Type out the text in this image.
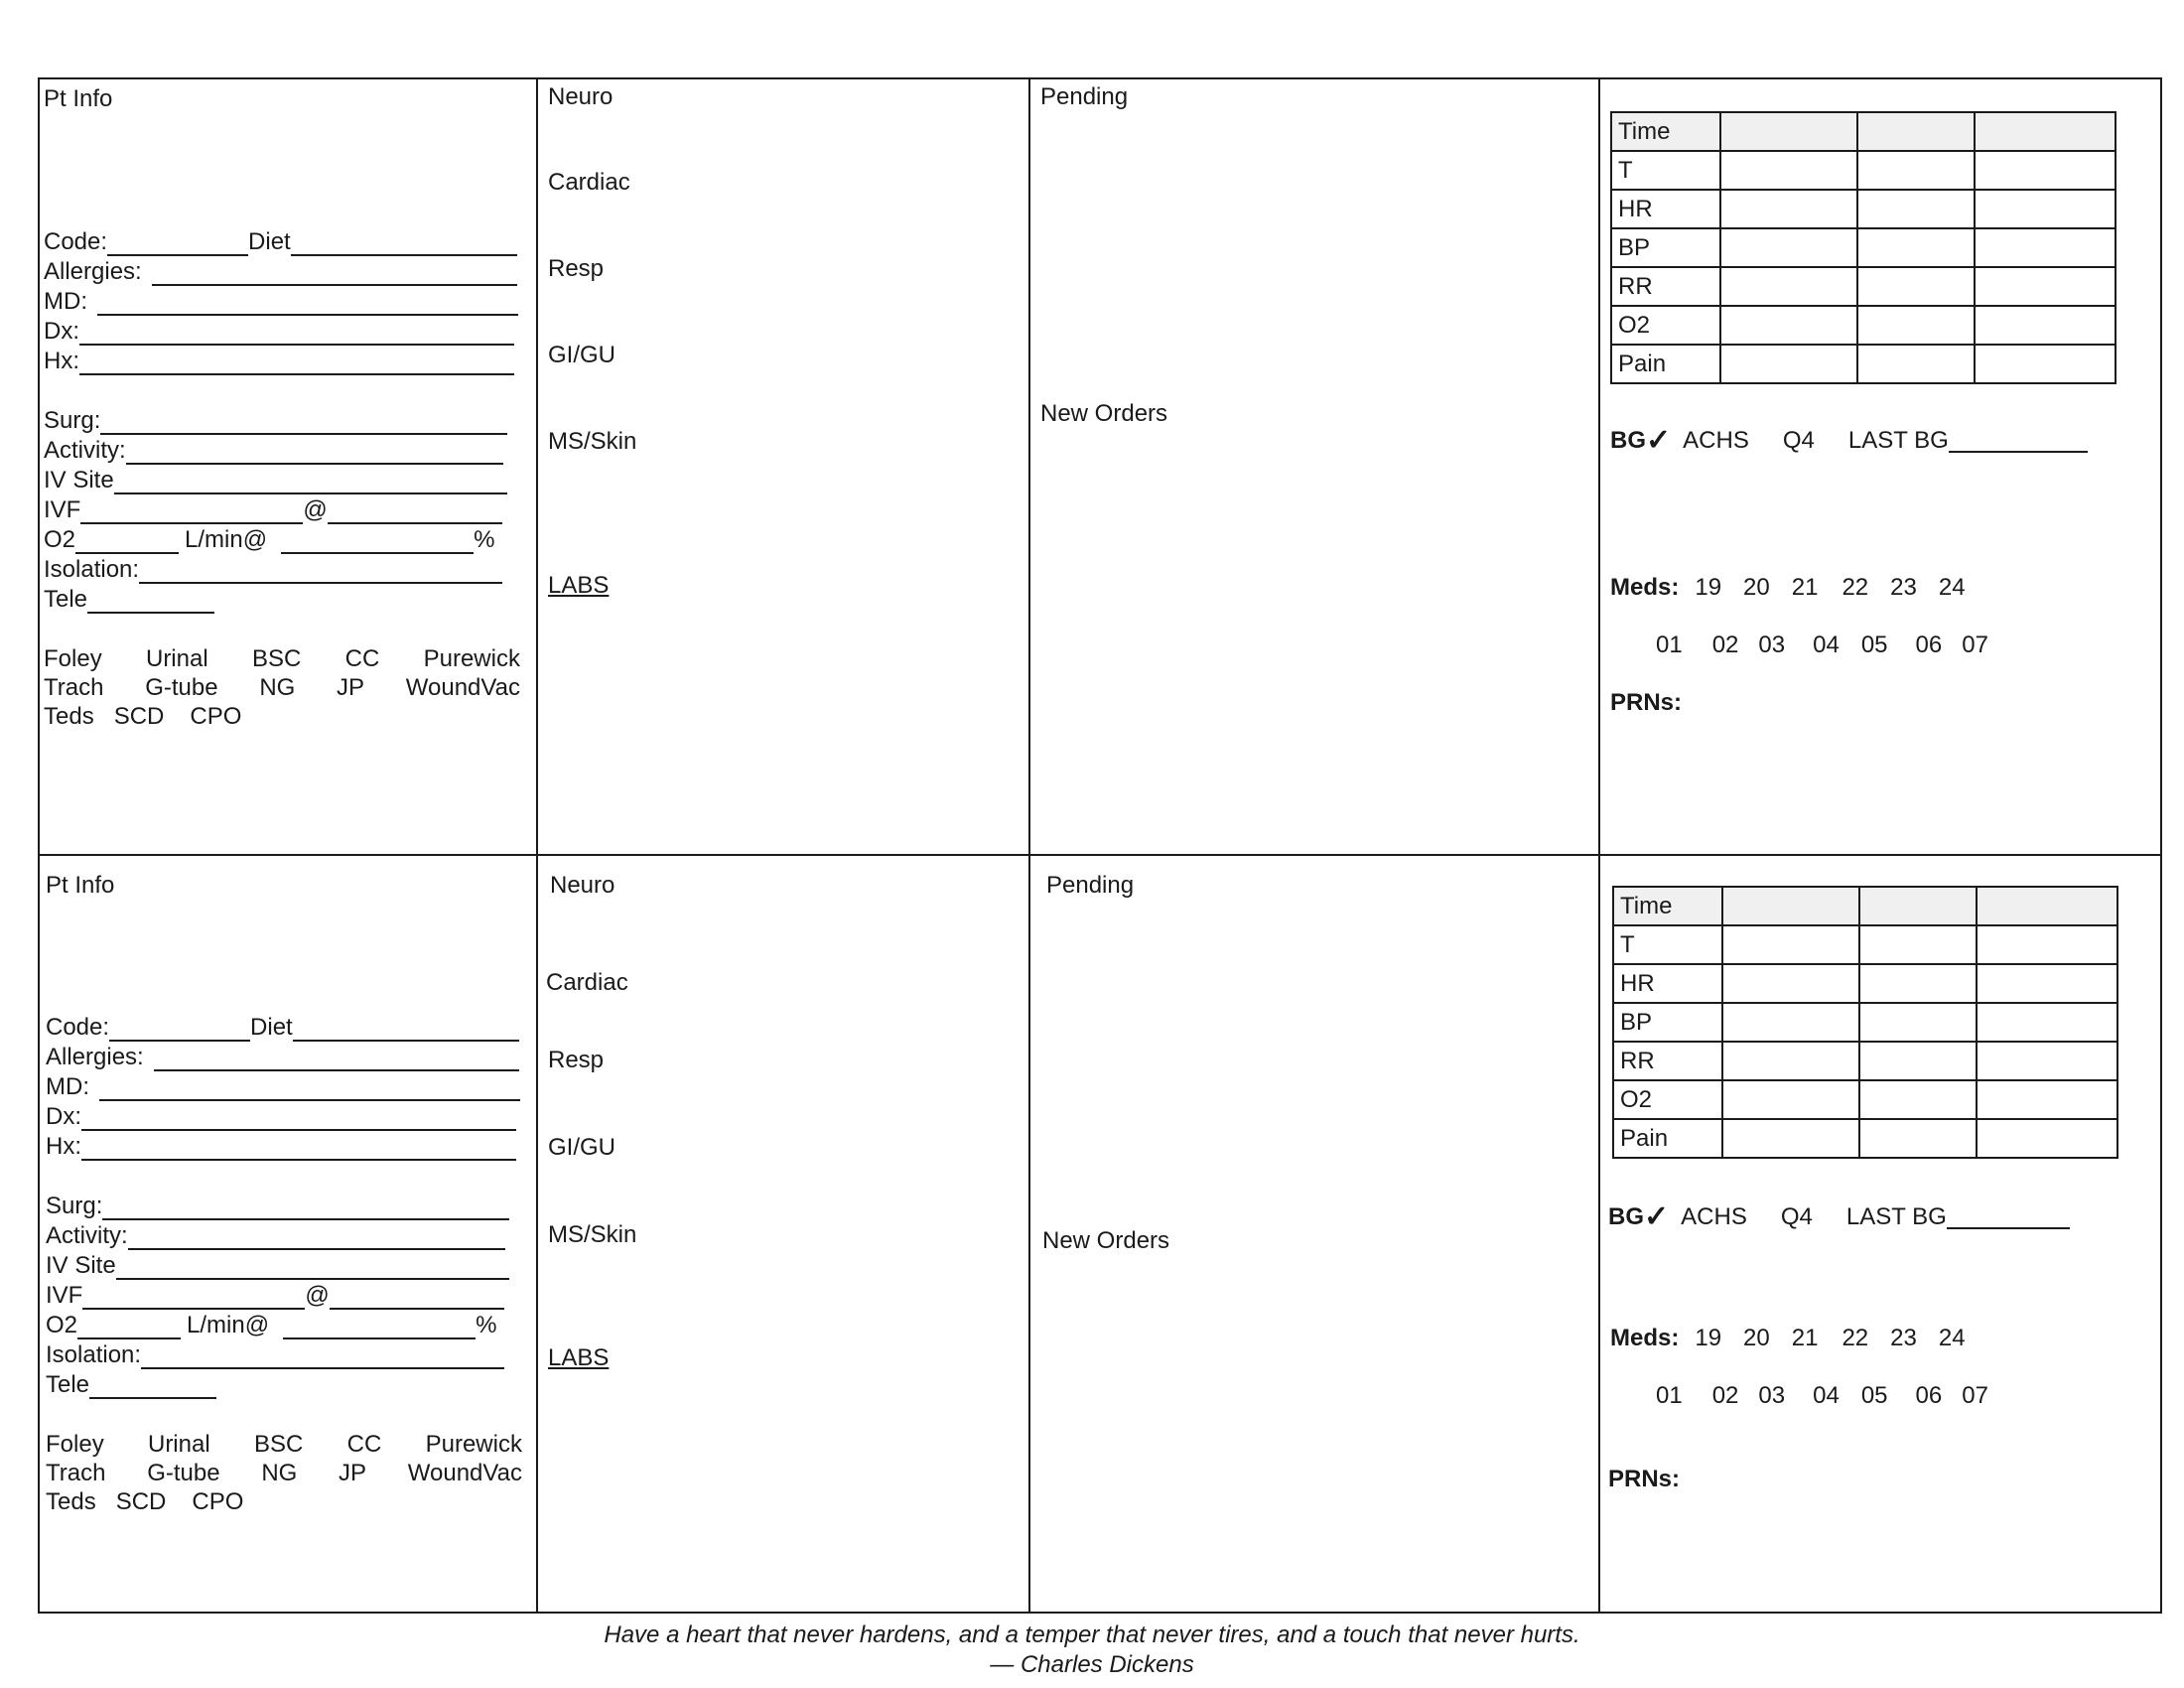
Pt Info
Code:	Diet
Allergies:
MD:
Dx:
Hx:
Surg:
Activity:
IV Site
IVF	@
O2	L/min@	%
Isolation:
Tele
Foley Urinal BSC CC Purewick
Trach G-tube NG JP WoundVac
Teds SCD CPO
Neuro
Cardiac
Resp
GI/GU
MS/Skin
LABS
Pending
New Orders
Time			
T			
HR			
BP			
RR			
O2			
Pain			
BG ✓ ACHS Q4 LAST BG
Meds: 19 20 21 22 23 24
01 02 03 04 05 06 07
PRNs:
Pt Info
Code:	Diet
Allergies:
MD:
Dx:
Hx:
Surg:
Activity:
IV Site
IVF	@
O2	L/min@	%
Isolation:
Tele
Foley Urinal BSC CC Purewick
Trach G-tube NG JP WoundVac
Teds SCD CPO
Neuro
Cardiac
Resp
GI/GU
MS/Skin
LABS
Pending
New Orders
Time			
T			
HR			
BP			
RR			
O2			
Pain			
BG ✓ ACHS Q4 LAST BG
Meds: 19 20 21 22 23 24
01 02 03 04 05 06 07
PRNs:
Have a heart that never hardens, and a temper that never tires, and a touch that never hurts.
— Charles Dickens
